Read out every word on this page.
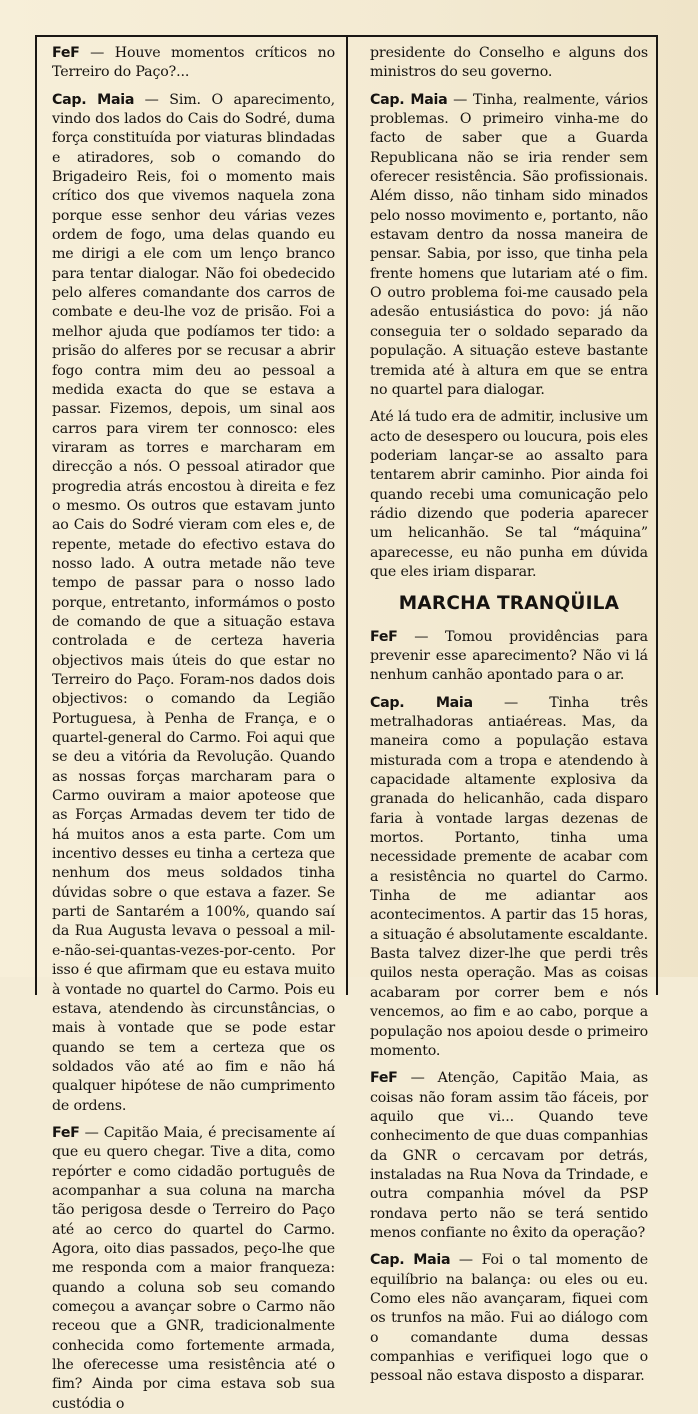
FeF — Houve momentos críticos no Terreiro do Paço?...

Cap. Maia — Sim. O aparecimento, vindo dos lados do Cais do Sodré, duma força constituída por viaturas blindadas e atiradores, sob o comando do Brigadeiro Reis, foi o momento mais crítico dos que vivemos naquela zona porque esse senhor deu várias vezes ordem de fogo, uma delas quando eu me dirigi a ele com um lenço branco para tentar dialogar. Não foi obedecido pelo alferes comandante dos carros de combate e deu-lhe voz de prisão. Foi a melhor ajuda que podíamos ter tido: a prisão do alferes por se recusar a abrir fogo contra mim deu ao pessoal a medida exacta do que se estava a passar. Fizemos, depois, um sinal aos carros para virem ter connosco: eles viraram as torres e marcharam em direcção a nós. O pessoal atirador que progredia atrás encostou à direita e fez o mesmo. Os outros que estavam junto ao Cais do Sodré vieram com eles e, de repente, metade do efectivo estava do nosso lado. A outra metade não teve tempo de passar para o nosso lado porque, entretanto, informámos o posto de comando de que a situação estava controlada e de certeza haveria objectivos mais úteis do que estar no Terreiro do Paço. Foram-nos dados dois objectivos: o comando da Legião Portuguesa, à Penha de França, e o quartel-general do Carmo. Foi aqui que se deu a vitória da Revolução. Quando as nossas forças marcharam para o Carmo ouviram a maior apoteose que as Forças Armadas devem ter tido de há muitos anos a esta parte. Com um incentivo desses eu tinha a certeza que nenhum dos meus soldados tinha dúvidas sobre o que estava a fazer. Se parti de Santarém a 100%, quando saí da Rua Augusta levava o pessoal a mil-e-não-sei-quantas-vezes-por-cento. Por isso é que afirmam que eu estava muito à vontade no quartel do Carmo. Pois eu estava, atendendo às circunstâncias, o mais à vontade que se pode estar quando se tem a certeza que os soldados vão até ao fim e não há qualquer hipótese de não cumprimento de ordens.

FeF — Capitão Maia, é precisamente aí que eu quero chegar. Tive a dita, como repórter e como cidadão português de acompanhar a sua coluna na marcha tão perigosa desde o Terreiro do Paço até ao cerco do quartel do Carmo. Agora, oito dias passados, peço-lhe que me responda com a maior franqueza: quando a coluna sob seu comando começou a avançar sobre o Carmo não receou que a GNR, tradicionalmente conhecida como fortemente armada, lhe oferecesse uma resistência até o fim? Ainda por cima estava sob sua custódia o

presidente do Conselho e alguns dos ministros do seu governo.

Cap. Maia — Tinha, realmente, vários problemas. O primeiro vinha-me do facto de saber que a Guarda Republicana não se iria render sem oferecer resistência. São profissionais. Além disso, não tinham sido minados pelo nosso movimento e, portanto, não estavam dentro da nossa maneira de pensar. Sabia, por isso, que tinha pela frente homens que lutariam até o fim. O outro problema foi-me causado pela adesão entusiástica do povo: já não conseguia ter o soldado separado da população. A situação esteve bastante tremida até à altura em que se entra no quartel para dialogar.

Até lá tudo era de admitir, inclusive um acto de desespero ou loucura, pois eles poderiam lançar-se ao assalto para tentarem abrir caminho. Pior ainda foi quando recebi uma comunicação pelo rádio dizendo que poderia aparecer um helicanhão. Se tal “máquina” aparecesse, eu não punha em dúvida que eles iriam disparar.

MARCHA TRANQÜILA

FeF — Tomou providências para prevenir esse aparecimento? Não vi lá nenhum canhão apontado para o ar.

Cap. Maia — Tinha três metralhadoras antiaéreas. Mas, da maneira como a população estava misturada com a tropa e atendendo à capacidade altamente explosiva da granada do helicanhão, cada disparo faria à vontade largas dezenas de mortos. Portanto, tinha uma necessidade premente de acabar com a resistência no quartel do Carmo. Tinha de me adiantar aos acontecimentos. A partir das 15 horas, a situação é absolutamente escaldante. Basta talvez dizer-lhe que perdi três quilos nesta operação. Mas as coisas acabaram por correr bem e nós vencemos, ao fim e ao cabo, porque a população nos apoiou desde o primeiro momento.

FeF — Atenção, Capitão Maia, as coisas não foram assim tão fáceis, por aquilo que vi... Quando teve conhecimento de que duas companhias da GNR o cercavam por detrás, instaladas na Rua Nova da Trindade, e outra companhia móvel da PSP rondava perto não se terá sentido menos confiante no êxito da operação?

Cap. Maia — Foi o tal momento de equilíbrio na balança: ou eles ou eu. Como eles não avançaram, fiquei com os trunfos na mão. Fui ao diálogo com o comandante duma dessas companhias e verifiquei logo que o pessoal não estava disposto a disparar.
